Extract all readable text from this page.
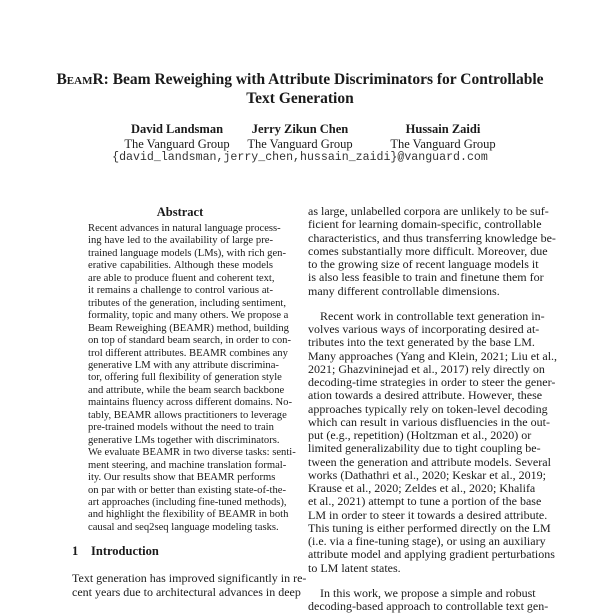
BeamR: Beam Reweighing with Attribute Discriminators for Controllable
Text Generation
David Landsman
The Vanguard Group
Jerry Zikun Chen
The Vanguard Group
Hussain Zaidi
The Vanguard Group
{david_landsman,jerry_chen,hussain_zaidi}@vanguard.com
Abstract
Recent advances in natural language process-
ing have led to the availability of large pre-
trained language models (LMs), with rich gen-
erative capabilities. Although these models
are able to produce fluent and coherent text,
it remains a challenge to control various at-
tributes of the generation, including sentiment,
formality, topic and many others. We propose a
Beam Reweighing (BEAMR) method, building
on top of standard beam search, in order to con-
trol different attributes. BEAMR combines any
generative LM with any attribute discrimina-
tor, offering full flexibility of generation style
and attribute, while the beam search backbone
maintains fluency across different domains. No-
tably, BEAMR allows practitioners to leverage
pre-trained models without the need to train
generative LMs together with discriminators.
We evaluate BEAMR in two diverse tasks: senti-
ment steering, and machine translation formal-
ity. Our results show that BEAMR performs
on par with or better than existing state-of-the-
art approaches (including fine-tuned methods),
and highlight the flexibility of BEAMR in both
causal and seq2seq language modeling tasks.
1 Introduction
Text generation has improved significantly in re-
cent years due to architectural advances in deep
as large, unlabelled corpora are unlikely to be suf-
ficient for learning domain-specific, controllable
characteristics, and thus transferring knowledge be-
comes substantially more difficult. Moreover, due
to the growing size of recent language models it
is also less feasible to train and finetune them for
many different controllable dimensions.
Recent work in controllable text generation in-
volves various ways of incorporating desired at-
tributes into the text generated by the base LM.
Many approaches (Yang and Klein, 2021; Liu et al.,
2021; Ghazvininejad et al., 2017) rely directly on
decoding-time strategies in order to steer the gener-
ation towards a desired attribute. However, these
approaches typically rely on token-level decoding
which can result in various disfluencies in the out-
put (e.g., repetition) (Holtzman et al., 2020) or
limited generalizability due to tight coupling be-
tween the generation and attribute models. Several
works (Dathathri et al., 2020; Keskar et al., 2019;
Krause et al., 2020; Zeldes et al., 2020; Khalifa
et al., 2021) attempt to tune a portion of the base
LM in order to steer it towards a desired attribute.
This tuning is either performed directly on the LM
(i.e. via a fine-tuning stage), or using an auxiliary
attribute model and applying gradient perturbations
to LM latent states.
In this work, we propose a simple and robust
decoding-based approach to controllable text gen-
